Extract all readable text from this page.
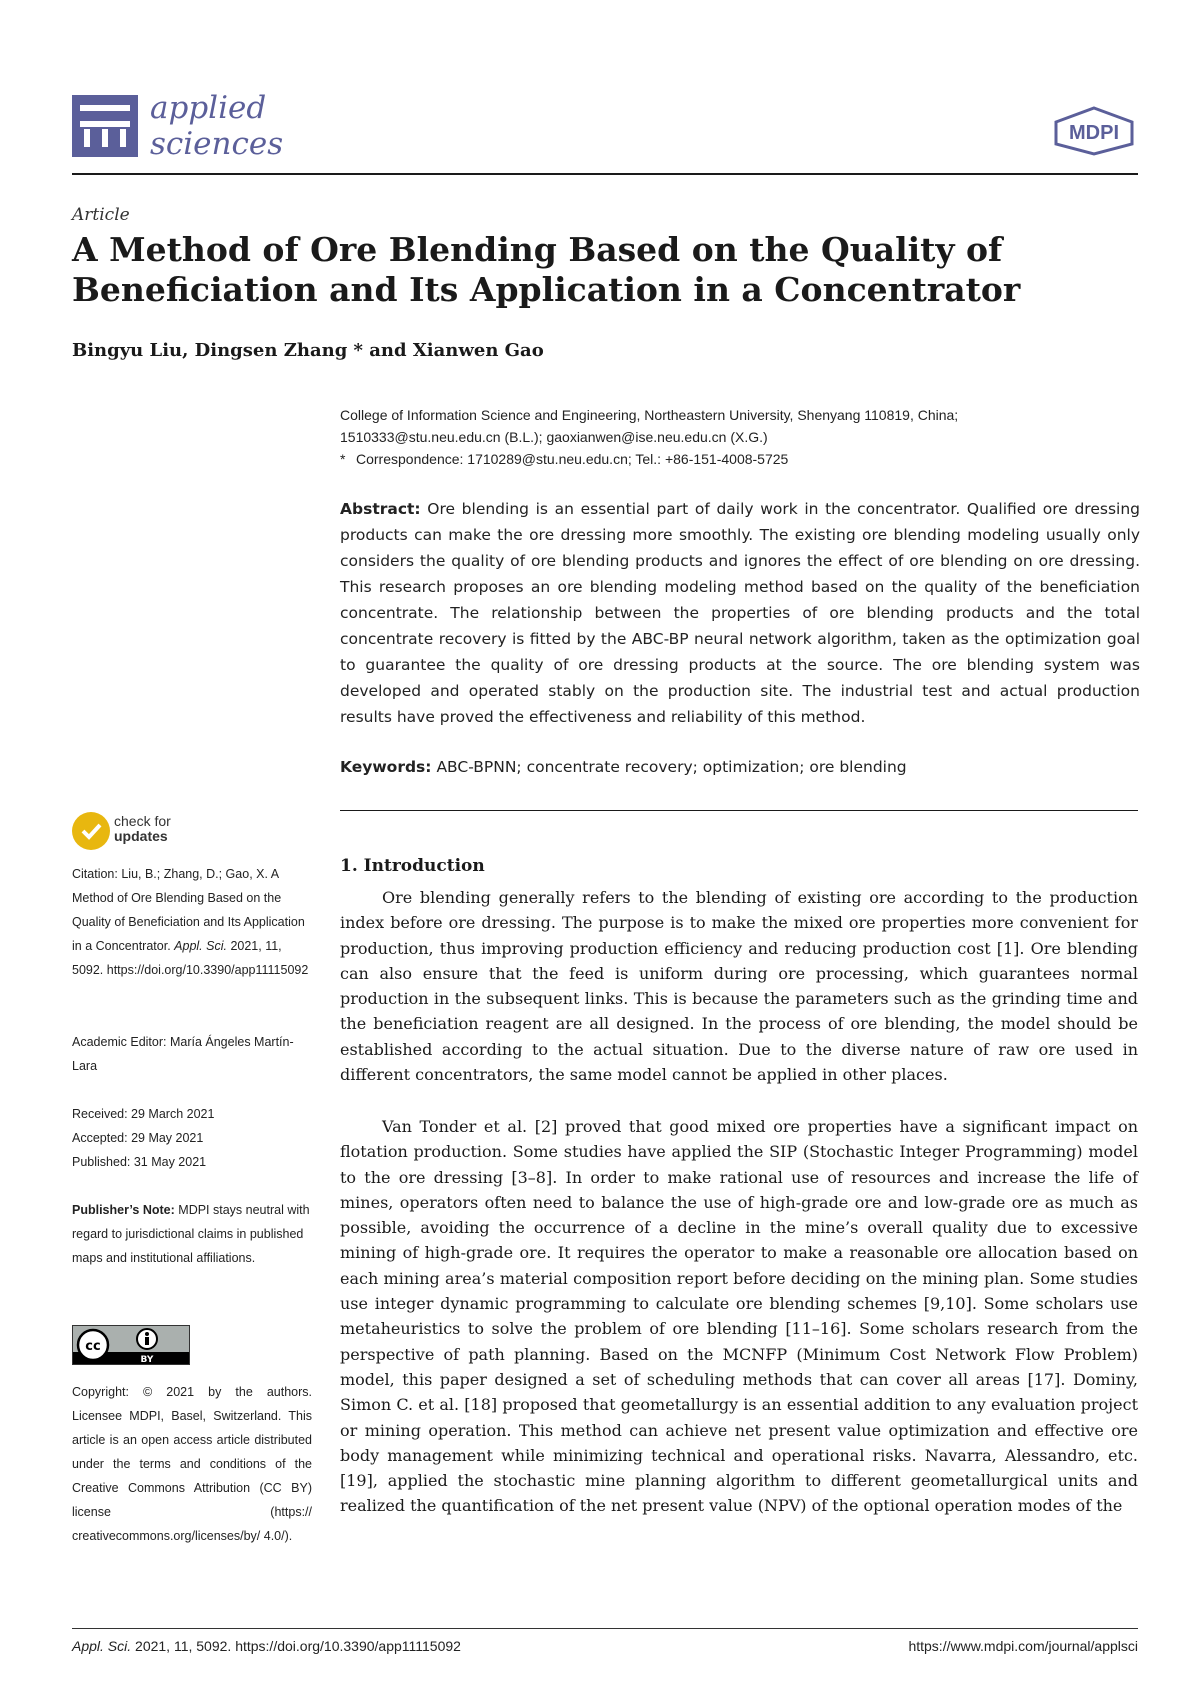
applied
sciences	MDPI
Article
A Method of Ore Blending Based on the Quality of Beneficiation and Its Application in a Concentrator
Bingyu Liu, Dingsen Zhang * and Xianwen Gao
College of Information Science and Engineering, Northeastern University, Shenyang 110819, China;
1510333@stu.neu.edu.cn (B.L.); gaoxianwen@ise.neu.edu.cn (X.G.)
* Correspondence: 1710289@stu.neu.edu.cn; Tel.: +86-151-4008-5725
Abstract: Ore blending is an essential part of daily work in the concentrator. Qualified ore dressing products can make the ore dressing more smoothly. The existing ore blending modeling usually only considers the quality of ore blending products and ignores the effect of ore blending on ore dressing. This research proposes an ore blending modeling method based on the quality of the beneficiation concentrate. The relationship between the properties of ore blending products and the total concentrate recovery is fitted by the ABC-BP neural network algorithm, taken as the optimization goal to guarantee the quality of ore dressing products at the source. The ore blending system was developed and operated stably on the production site. The industrial test and actual production results have proved the effectiveness and reliability of this method.
Keywords: ABC-BPNN; concentrate recovery; optimization; ore blending
check for
updates
Citation: Liu, B.; Zhang, D.; Gao, X. A Method of Ore Blending Based on the Quality of Beneficiation and Its Application in a Concentrator. Appl. Sci. 2021, 11, 5092. https://doi.org/10.3390/app11115092
Academic Editor: María Ángeles Martín-Lara
Received: 29 March 2021
Accepted: 29 May 2021
Published: 31 May 2021
Publisher’s Note: MDPI stays neutral with regard to jurisdictional claims in published maps and institutional affiliations.
cc
BY
Copyright: © 2021 by the authors. Licensee MDPI, Basel, Switzerland. This article is an open access article distributed under the terms and conditions of the Creative Commons Attribution (CC BY) license (https:// creativecommons.org/licenses/by/ 4.0/).
1. Introduction
Ore blending generally refers to the blending of existing ore according to the production index before ore dressing. The purpose is to make the mixed ore properties more convenient for production, thus improving production efficiency and reducing production cost [1]. Ore blending can also ensure that the feed is uniform during ore processing, which guarantees normal production in the subsequent links. This is because the parameters such as the grinding time and the beneficiation reagent are all designed. In the process of ore blending, the model should be established according to the actual situation. Due to the diverse nature of raw ore used in different concentrators, the same model cannot be applied in other places.
Van Tonder et al. [2] proved that good mixed ore properties have a significant impact on flotation production. Some studies have applied the SIP (Stochastic Integer Programming) model to the ore dressing [3–8]. In order to make rational use of resources and increase the life of mines, operators often need to balance the use of high-grade ore and low-grade ore as much as possible, avoiding the occurrence of a decline in the mine’s overall quality due to excessive mining of high-grade ore. It requires the operator to make a reasonable ore allocation based on each mining area’s material composition report before deciding on the mining plan. Some studies use integer dynamic programming to calculate ore blending schemes [9,10]. Some scholars use metaheuristics to solve the problem of ore blending [11–16]. Some scholars research from the perspective of path planning. Based on the MCNFP (Minimum Cost Network Flow Problem) model, this paper designed a set of scheduling methods that can cover all areas [17]. Dominy, Simon C. et al. [18] proposed that geometallurgy is an essential addition to any evaluation project or mining operation. This method can achieve net present value optimization and effective ore body management while minimizing technical and operational risks. Navarra, Alessandro, etc. [19], applied the stochastic mine planning algorithm to different geometallurgical units and realized the quantification of the net present value (NPV) of the optional operation modes of the
Appl. Sci. 2021, 11, 5092. https://doi.org/10.3390/app11115092	https://www.mdpi.com/journal/applsci
